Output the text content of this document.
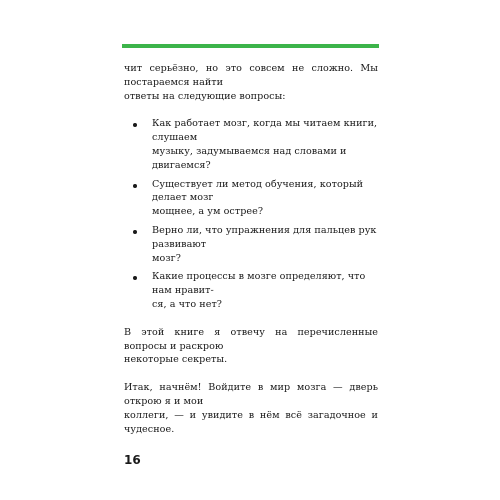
чит серьёзно, но это совсем не сложно. Мы постараемся найти
ответы на следующие вопросы:

Как работает мозг, когда мы читаем книги, слушаем
музыку, задумываемся над словами и двигаемся?
Существует ли метод обучения, который делает мозг
мощнее, а ум острее?
Верно ли, что упражнения для пальцев рук развивают
мозг?
Какие процессы в мозге определяют, что нам нравит-
ся, а что нет?

В этой книге я отвечу на перечисленные вопросы и раскрою
некоторые секреты.

Итак, начнём! Войдите в мир мозга — дверь открою я и мои
коллеги, — и увидите в нём всё загадочное и чудесное.

16
